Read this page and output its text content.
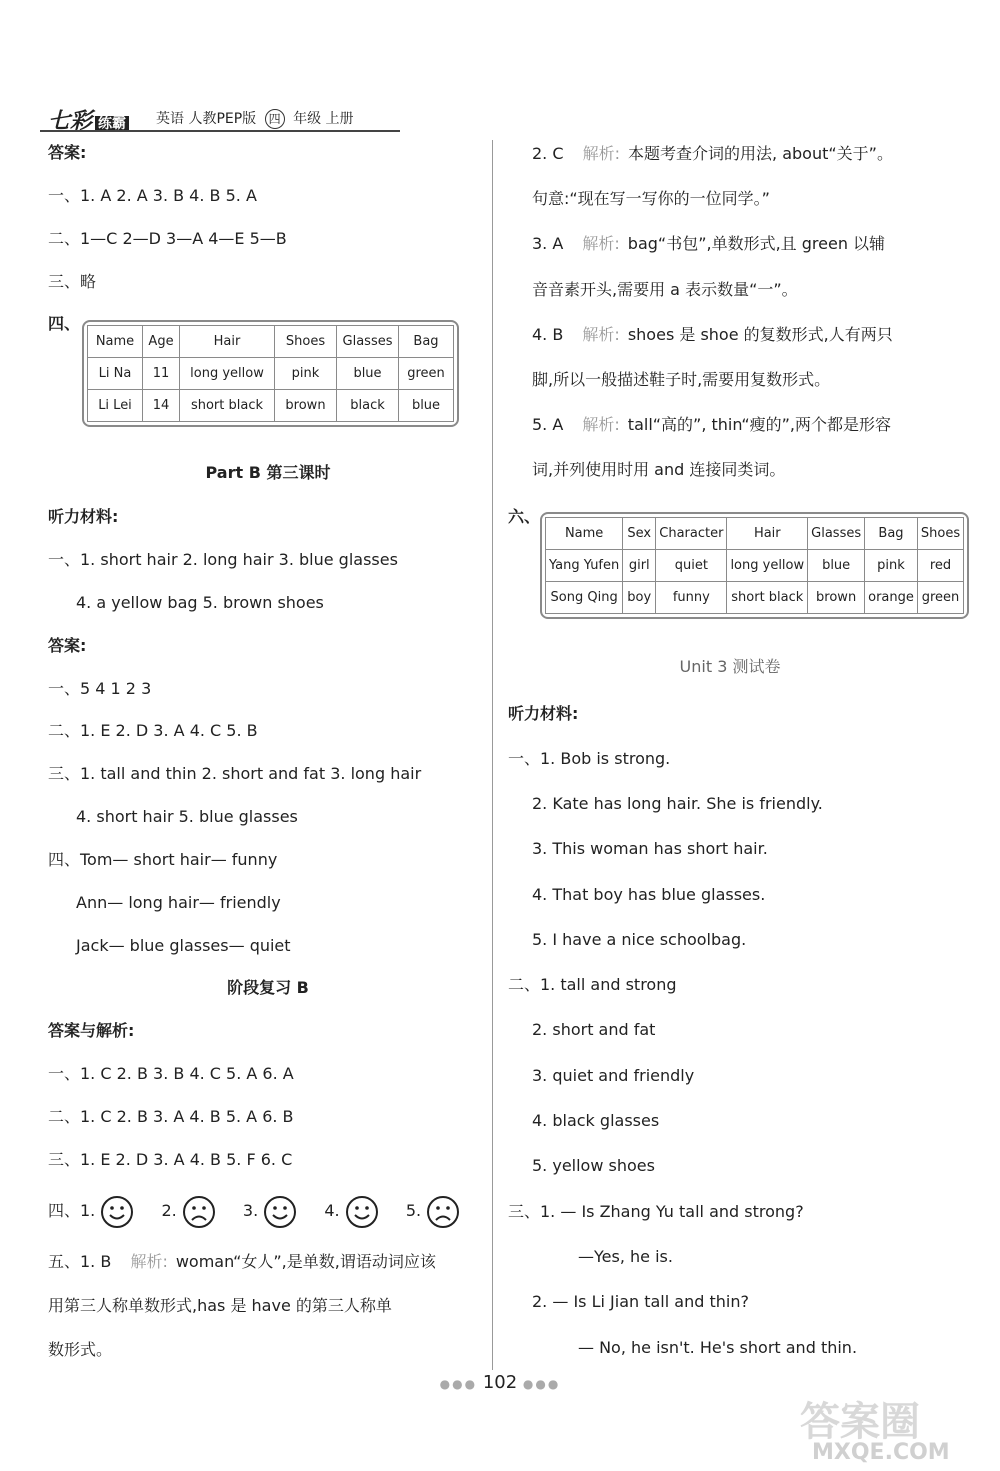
七彩 练霸 英语 人教PEP版 四 年级 上册
答案:
一、1. A 2. A 3. B 4. B 5. A
二、1—C 2—D 3—A 4—E 5—B
三、略
四、
Name	Age	Hair	Shoes	Glasses	Bag
Li Na	11	long yellow	pink	blue	green
Li Lei	14	short black	brown	black	blue
Part B 第三课时
听力材料:
一、1. short hair 2. long hair 3. blue glasses
4. a yellow bag 5. brown shoes
答案:
一、5 4 1 2 3
二、1. E 2. D 3. A 4. C 5. B
三、1. tall and thin 2. short and fat 3. long hair
4. short hair 5. blue glasses
四、Tom— short hair— funny
Ann— long hair— friendly
Jack— blue glasses— quiet
阶段复习 B
答案与解析:
一、1. C 2. B 3. B 4. C 5. A 6. A
二、1. C 2. B 3. A 4. B 5. A 6. B
三、1. E 2. D 3. A 4. B 5. F 6. C
四、1.	2.	3.	4.	5.
五、1. B 解析: woman“女人”,是单数,谓语动词应该
用第三人称单数形式,has 是 have 的第三人称单
数形式。
2. C 解析: 本题考查介词的用法, about“关于”。
句意:“现在写一写你的一位同学。”
3. A 解析: bag“书包”,单数形式,且 green 以辅
音音素开头,需要用 a 表示数量“一”。
4. B 解析: shoes 是 shoe 的复数形式,人有两只
脚,所以一般描述鞋子时,需要用复数形式。
5. A 解析: tall“高的”, thin“瘦的”,两个都是形容
词,并列使用时用 and 连接同类词。
六、
Name	Sex	Character	Hair	Glasses	Bag	Shoes
Yang Yufen	girl	quiet	long yellow	blue	pink	red
Song Qing	boy	funny	short black	brown	orange	green
Unit 3 测试卷
听力材料:
一、1. Bob is strong.
2. Kate has long hair. She is friendly.
3. This woman has short hair.
4. That boy has blue glasses.
5. I have a nice schoolbag.
二、1. tall and strong
2. short and fat
3. quiet and friendly
4. black glasses
5. yellow shoes
三、1. — Is Zhang Yu tall and strong?
—Yes, he is.
2. — Is Li Jian tall and thin?
— No, he isn't. He's short and thin.
●●● 102 ●●●
答案圈
MXQE.COM
